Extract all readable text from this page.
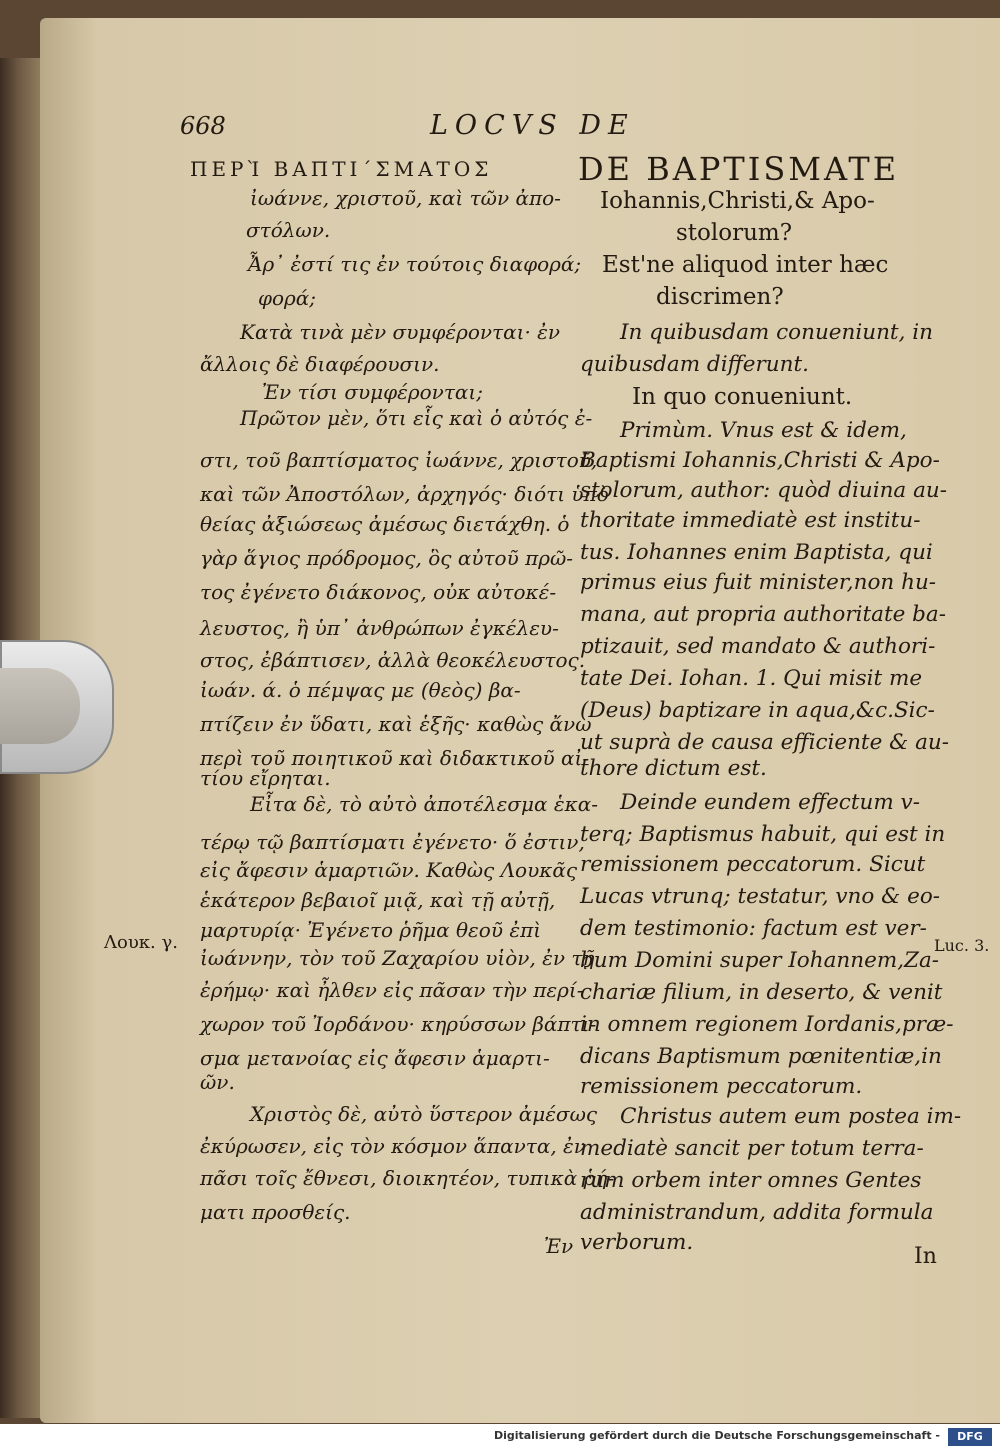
668	LOCVS DE
ΠΕΡῚ ΒΑΠΤΙ΄ΣΜΑΤΟΣ	DE BAPTISMATE
ἰωάννε, χριστοῦ, καὶ τῶν ἀπο-
στόλων.
Ἆρ᾽ ἐστί τις ἐν τούτοις διαφορά;
φορά;
Κατὰ τινὰ μὲν συμφέρονται· ἐν
ἄλλοις δὲ διαφέρουσιν.
Ἐν τίσι συμφέρονται;
Πρῶτον μὲν, ὅτι εἷς καὶ ὁ αὐτός ἐ-
στι, τοῦ βαπτίσματος ἰωάννε, χριστοῦ,
καὶ τῶν Ἀποστόλων, ἀρχηγός· διότι ὑπὸ
θείας ἀξιώσεως ἀμέσως διετάχθη. ὁ
γὰρ ἅγιος πρόδρομος, ὃς αὐτοῦ πρῶ-
τος ἐγένετο διάκονος, οὐκ αὐτοκέ-
λευστος, ἢ ὑπ᾽ ἀνθρώπων ἐγκέλευ-
στος, ἐβάπτισεν, ἀλλὰ θεοκέλευστος.
ἰωάν. ά. ὁ πέμψας με (θεὸς) βα-
πτίζειν ἐν ὕδατι, καὶ ἑξῆς· καθὼς ἄνω
περὶ τοῦ ποιητικοῦ καὶ διδακτικοῦ αἰ-
τίου εἴρηται.
Εἶτα δὲ, τὸ αὐτὸ ἀποτέλεσμα ἑκα-
τέρῳ τῷ βαπτίσματι ἐγένετο· ὅ ἐστιν,
εἰς ἄφεσιν ἁμαρτιῶν. Καθὼς Λουκᾶς
ἑκάτερον βεβαιοῖ μιᾷ, καὶ τῇ αὐτῇ,
μαρτυρίᾳ· Ἐγένετο ῥῆμα θεοῦ ἐπὶ
ἰωάννην, τὸν τοῦ Ζαχαρίου υἱὸν, ἐν τῇ
ἐρήμῳ· καὶ ἦλθεν εἰς πᾶσαν τὴν περί-
χωρον τοῦ Ἰορδάνου· κηρύσσων βάπτι-
σμα μετανοίας εἰς ἄφεσιν ἁμαρτι-
ῶν.
Χριστὸς δὲ, αὐτὸ ὕστερον ἀμέσως
ἐκύρωσεν, εἰς τὸν κόσμον ἅπαντα, ἐν
πᾶσι τοῖς ἔθνεσι, διοικητέον, τυπικὰ ῥή-
ματι προσθείς.
Iohannis,Christi,& Apo-
stolorum?
Est'ne aliquod inter hæc
discrimen?
In quibusdam conueniunt, in
quibusdam differunt.
In quo conueniunt.
Primùm. Vnus est & idem,
Baptismi Iohannis,Christi & Apo-
stolorum, author: quòd diuina au-
thoritate immediatè est institu-
tus. Iohannes enim Baptista, qui
primus eius fuit minister,non hu-
mana, aut propria authoritate ba-
ptizauit, sed mandato & authori-
tate Dei. Iohan. 1. Qui misit me
(Deus) baptizare in aqua,&c.Sic-
ut suprà de causa efficiente & au-
thore dictum est.
Deinde eundem effectum v-
terq; Baptismus habuit, qui est in
remissionem peccatorum. Sicut
Lucas vtrunq; testatur, vno & eo-
dem testimonio: factum est ver-
bum Domini super Iohannem,Za-
chariæ filium, in deserto, & venit
in omnem regionem Iordanis,præ-
dicans Baptismum pœnitentiæ,in
remissionem peccatorum.
Christus autem eum postea im-
mediatè sancit per totum terra-
rum orbem inter omnes Gentes
administrandum, addita formula
verborum.
Λουκ. γ.	Luc. 3.
Ἐν	In
Digitalisierung gefördert durch die Deutsche Forschungsgemeinschaft -	DFG
